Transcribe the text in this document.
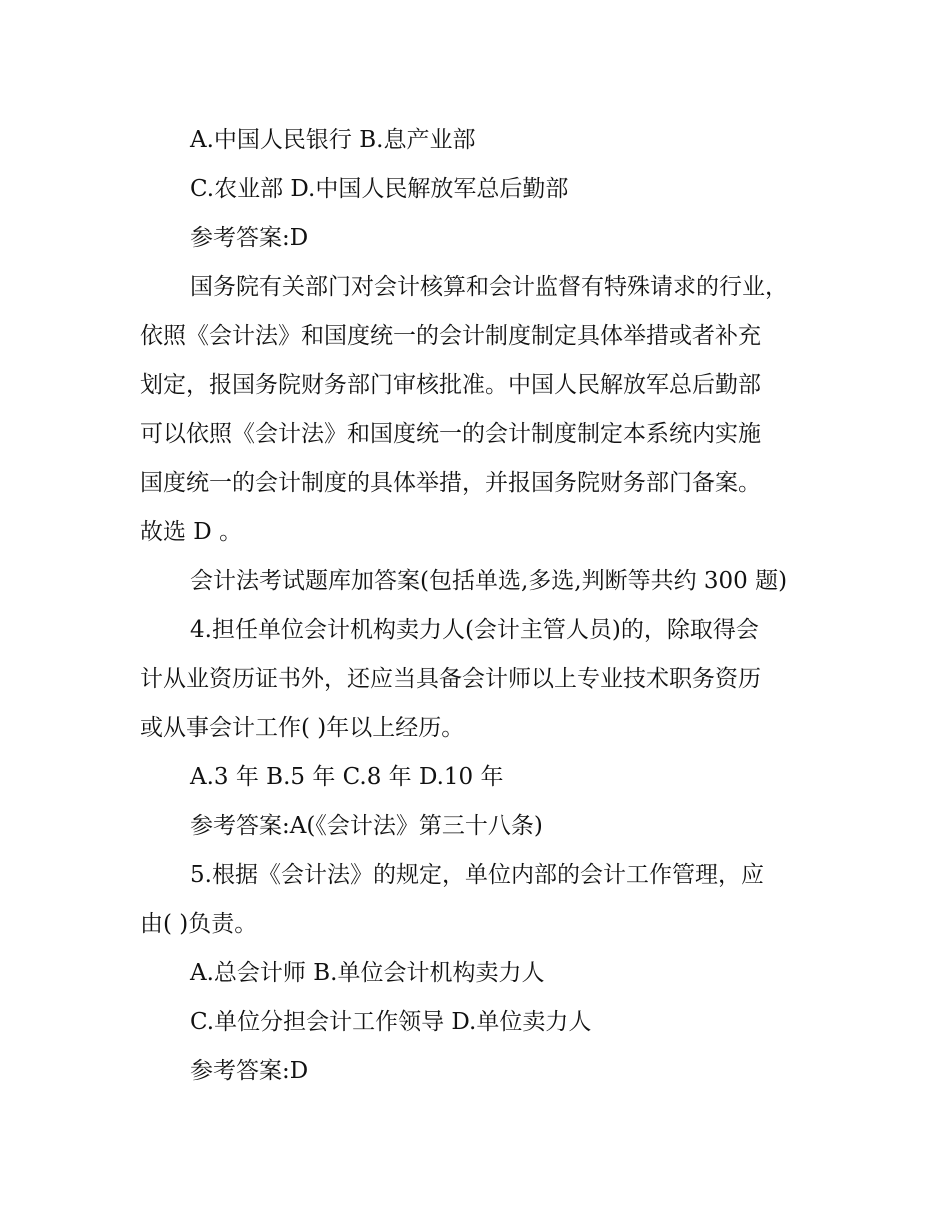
A.中国人民银行 B.息产业部
C.农业部 D.中国人民解放军总后勤部
参考答案:D
国务院有关部门对会计核算和会计监督有特殊请求的行业，
依照《会计法》和国度统一的会计制度制定具体举措或者补充
划定，报国务院财务部门审核批准。中国人民解放军总后勤部
可以依照《会计法》和国度统一的会计制度制定本系统内实施
国度统一的会计制度的具体举措，并报国务院财务部门备案。
故选 D 。
会计法考试题库加答案(包括单选,多选,判断等共约 300 题)
4.担任单位会计机构卖力人(会计主管人员)的，除取得会
计从业资历证书外，还应当具备会计师以上专业技术职务资历
或从事会计工作( )年以上经历。
A.3 年 B.5 年 C.8 年 D.10 年
参考答案:A(《会计法》第三十八条)
5.根据《会计法》的规定，单位内部的会计工作管理，应
由( )负责。
A.总会计师 B.单位会计机构卖力人
C.单位分担会计工作领导 D.单位卖力人
参考答案:D
